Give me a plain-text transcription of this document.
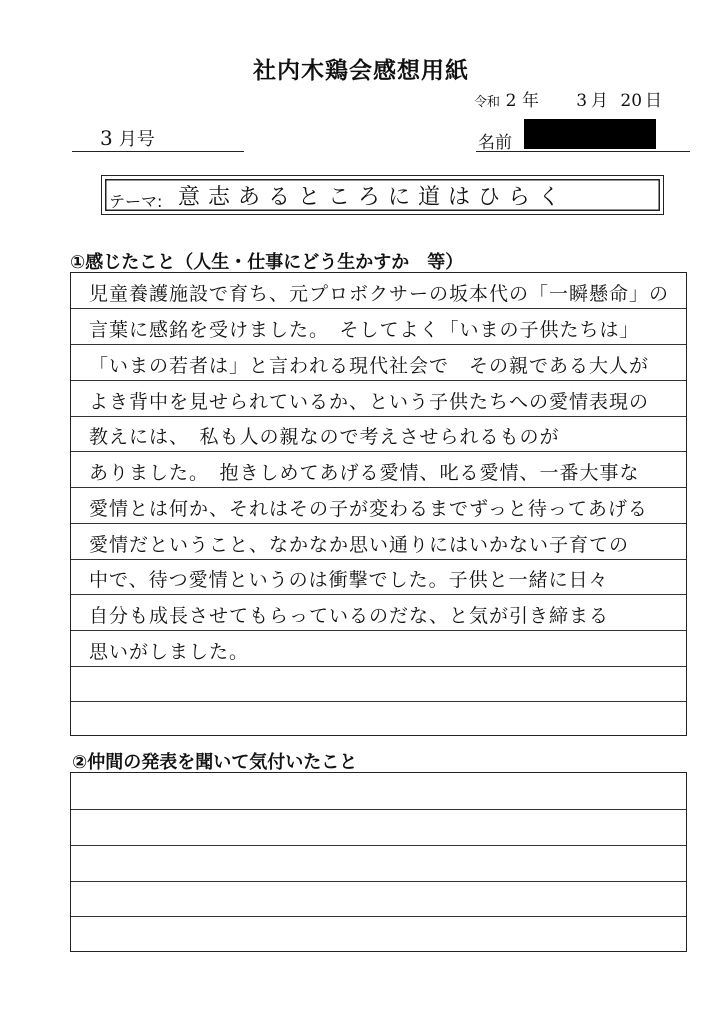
社内木鶏会感想用紙
令和 2 年 3 月 20 日
3 月号	名前
テーマ: 意志あるところに道はひらく
①感じたこと（人生・仕事にどう生かすか　等）
児童養護施設で育ち、元プロボクサーの坂本代の「一瞬懸命」の
言葉に感銘を受けました。　そしてよく「いまの子供たちは」
「いまの若者は」と言われる現代社会で　その親である大人が
よき背中を見せられているか、という子供たちへの愛情表現の
教えには、　私も人の親なので考えさせられるものが
ありました。　抱きしめてあげる愛情、叱る愛情、一番大事な
愛情とは何か、それはその子が変わるまでずっと待ってあげる
愛情だということ、なかなか思い通りにはいかない子育ての
中で、待つ愛情というのは衝撃でした。子供と一緒に日々
自分も成長させてもらっているのだな、と気が引き締まる
思いがしました。
②仲間の発表を聞いて気付いたこと
